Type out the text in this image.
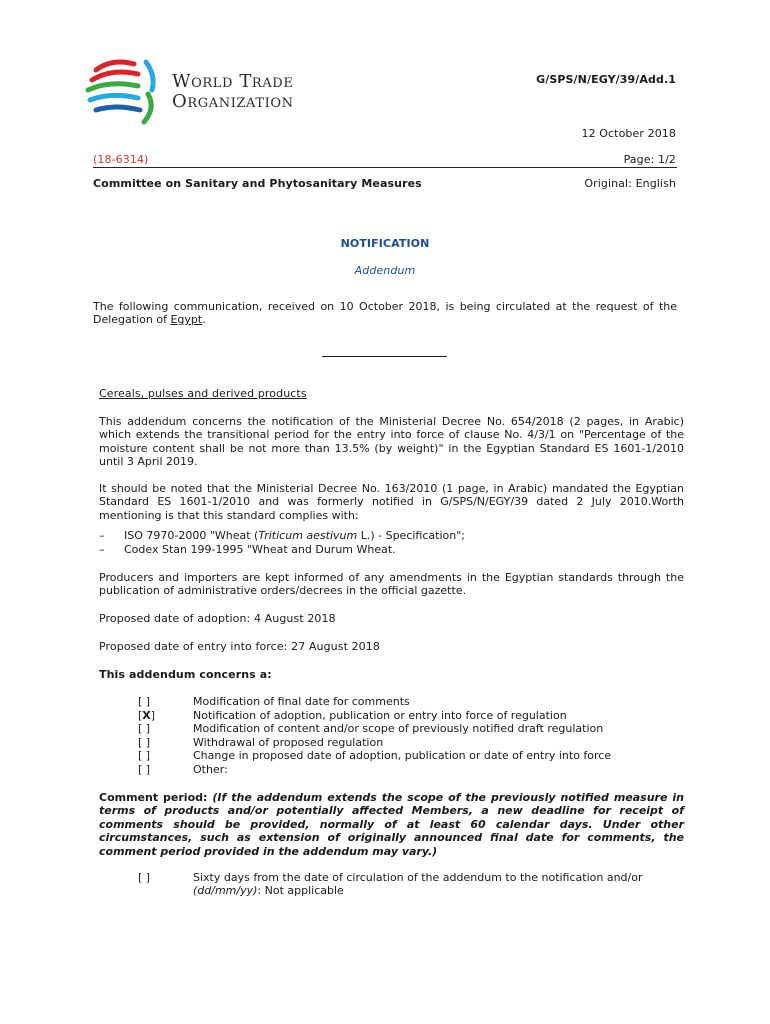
World Trade
Organization
G/SPS/N/EGY/39/Add.1
12 October 2018
(18-6314)	Page: 1/2
Committee on Sanitary and Phytosanitary Measures	Original: English
NOTIFICATION
Addendum
The following communication, received on 10 October 2018, is being circulated at the request of the Delegation of Egypt.
Cereals, pulses and derived products
This addendum concerns the notification of the Ministerial Decree No. 654/2018 (2 pages, in Arabic) which extends the transitional period for the entry into force of clause No. 4/3/1 on "Percentage of the moisture content shall be not more than 13.5% (by weight)" in the Egyptian Standard ES 1601-1/2010 until 3 April 2019.
It should be noted that the Ministerial Decree No. 163/2010 (1 page, in Arabic) mandated the Egyptian Standard ES 1601-1/2010 and was formerly notified in G/SPS/N/EGY/39 dated 2 July 2010.Worth mentioning is that this standard complies with:
– ISO 7970-2000 "Wheat (Triticum aestivum L.) - Specification";
– Codex Stan 199-1995 "Wheat and Durum Wheat.
Producers and importers are kept informed of any amendments in the Egyptian standards through the publication of administrative orders/decrees in the official gazette.
Proposed date of adoption: 4 August 2018
Proposed date of entry into force: 27 August 2018
This addendum concerns a:
[ ]	Modification of final date for comments
[X]	Notification of adoption, publication or entry into force of regulation
[ ]	Modification of content and/or scope of previously notified draft regulation
[ ]	Withdrawal of proposed regulation
[ ]	Change in proposed date of adoption, publication or date of entry into force
[ ]	Other:
Comment period: (If the addendum extends the scope of the previously notified measure in terms of products and/or potentially affected Members, a new deadline for receipt of comments should be provided, normally of at least 60 calendar days. Under other circumstances, such as extension of originally announced final date for comments, the comment period provided in the addendum may vary.)
[ ]	Sixty days from the date of circulation of the addendum to the notification and/or
(dd/mm/yy): Not applicable
